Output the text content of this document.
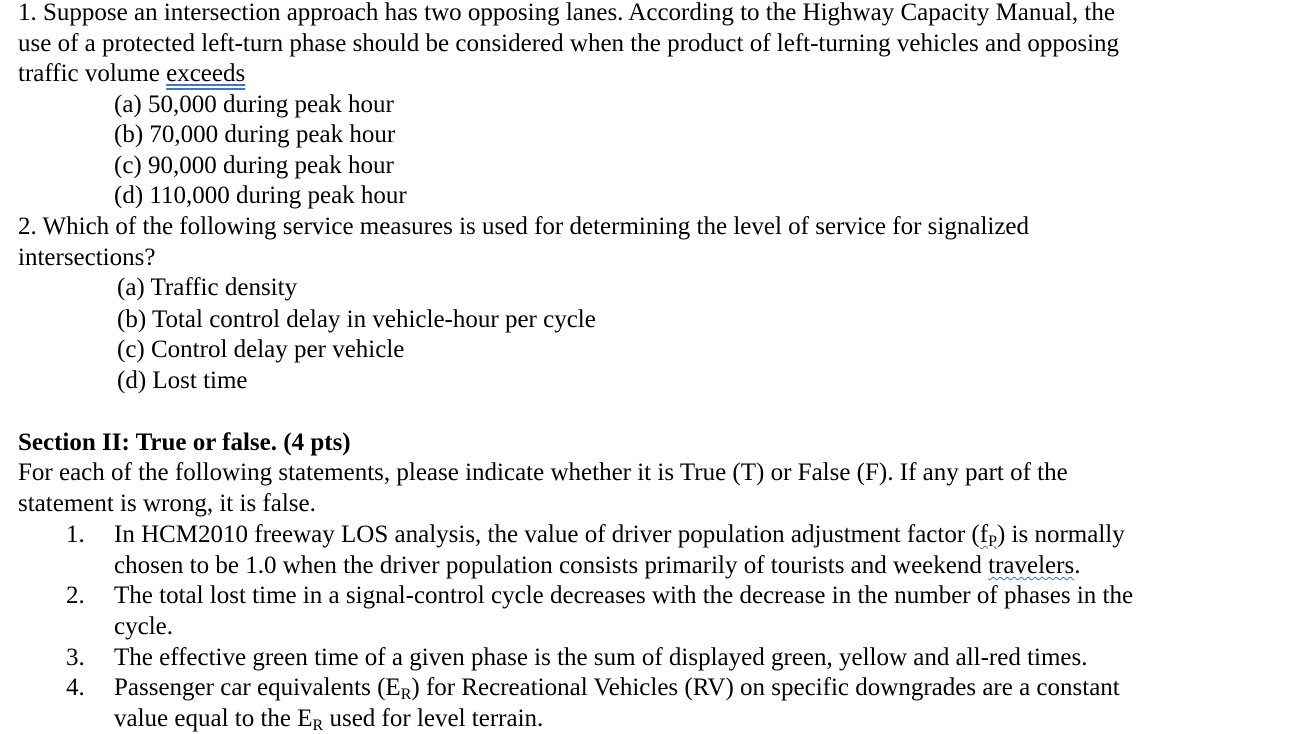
1. Suppose an intersection approach has two opposing lanes. According to the Highway Capacity Manual, the
use of a protected left-turn phase should be considered when the product of left-turning vehicles and opposing
traffic volume exceeds
(a) 50,000 during peak hour
(b) 70,000 during peak hour
(c) 90,000 during peak hour
(d) 110,000 during peak hour
2. Which of the following service measures is used for determining the level of service for signalized
intersections?
(a) Traffic density
(b) Total control delay in vehicle-hour per cycle
(c) Control delay per vehicle
(d) Lost time
Section II: True or false. (4 pts)
For each of the following statements, please indicate whether it is True (T) or False (F). If any part of the
statement is wrong, it is false.
1. In HCM2010 freeway LOS analysis, the value of driver population adjustment factor $(f_P)$ is normally
chosen to be 1.0 when the driver population consists primarily of tourists and weekend travelers.
2. The total lost time in a signal-control cycle decreases with the decrease in the number of phases in the
cycle.
3. The effective green time of a given phase is the sum of displayed green, yellow and all-red times.
4. Passenger car equivalents $(E_R)$ for Recreational Vehicles (RV) on specific downgrades are a constant
value equal to the $E_R$ used for level terrain.
